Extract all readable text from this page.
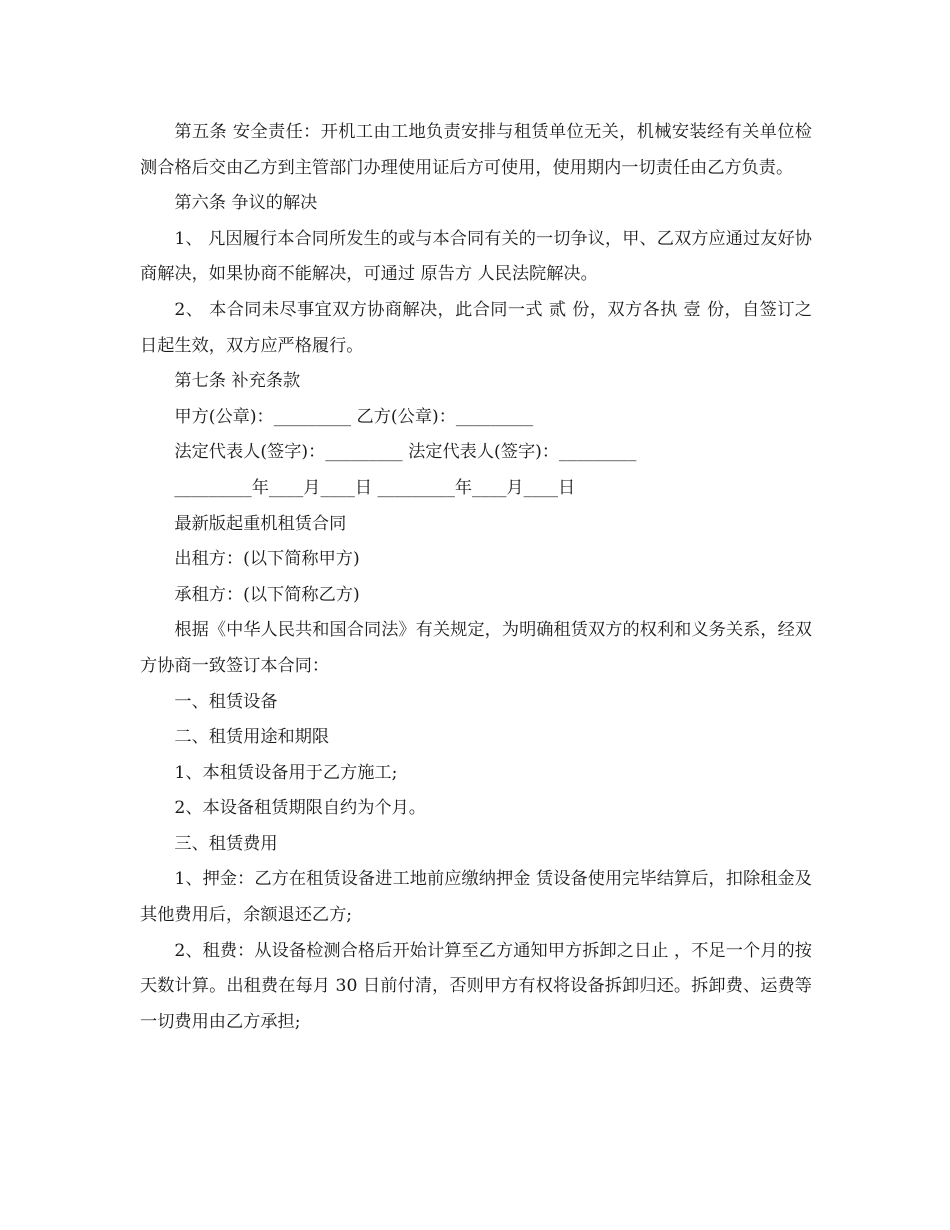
第五条 安全责任：开机工由工地负责安排与租赁单位无关，机械安装经有关单位检测合格后交由乙方到主管部门办理使用证后方可使用，使用期内一切责任由乙方负责。

第六条 争议的解决

1、 凡因履行本合同所发生的或与本合同有关的一切争议，甲、乙双方应通过友好协商解决，如果协商不能解决，可通过 原告方 人民法院解决。

2、 本合同未尽事宜双方协商解决，此合同一式 贰 份，双方各执 壹 份，自签订之日起生效，双方应严格履行。

第七条 补充条款

甲方(公章)：_________ 乙方(公章)：_________

法定代表人(签字)：_________ 法定代表人(签字)：_________

_________年____月____日 _________年____月____日

最新版起重机租赁合同

出租方：(以下简称甲方)

承租方：(以下简称乙方)

根据《中华人民共和国合同法》有关规定，为明确租赁双方的权利和义务关系，经双方协商一致签订本合同：

一、租赁设备

二、租赁用途和期限

1、本租赁设备用于乙方施工;

2、本设备租赁期限自约为个月。

三、租赁费用

1、押金：乙方在租赁设备进工地前应缴纳押金 赁设备使用完毕结算后，扣除租金及其他费用后，余额退还乙方;

2、租费：从设备检测合格后开始计算至乙方通知甲方拆卸之日止 ，不足一个月的按天数计算。出租费在每月 30 日前付清，否则甲方有权将设备拆卸归还。拆卸费、运费等一切费用由乙方承担;
